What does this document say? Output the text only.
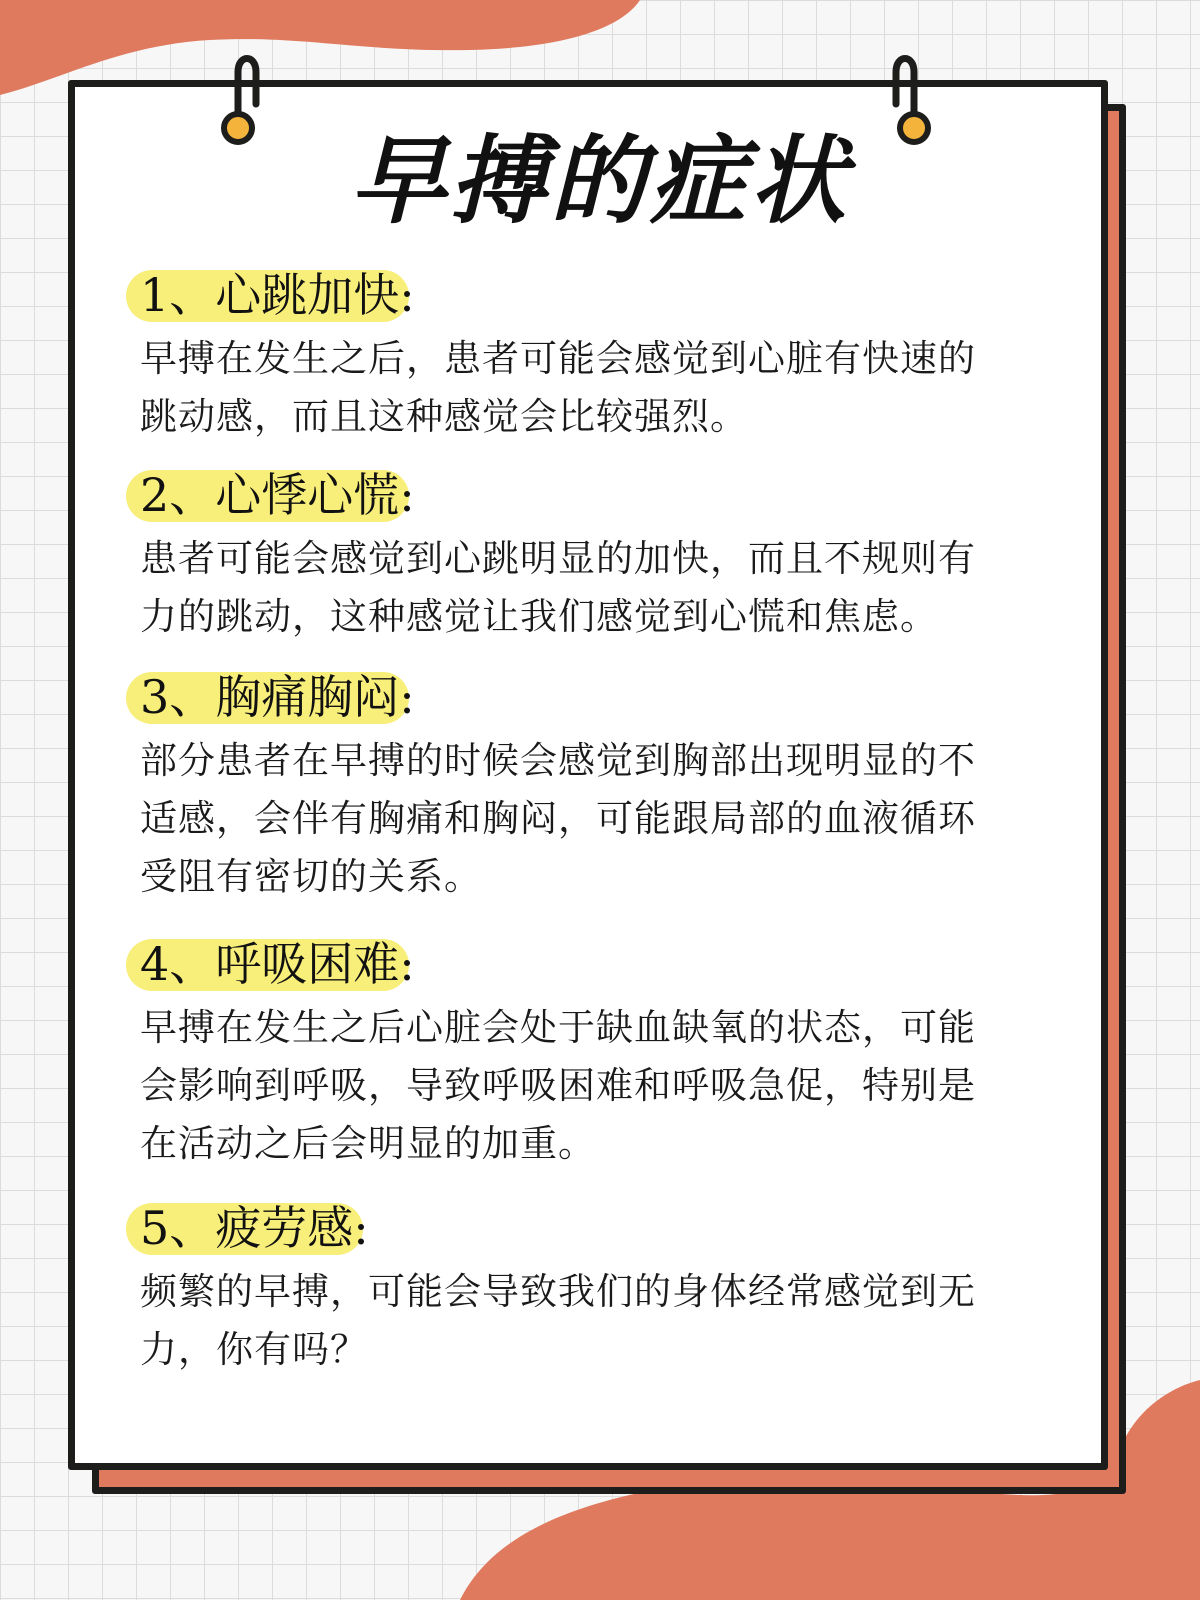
早搏的症状
1、心跳加快:
早搏在发生之后，患者可能会感觉到心脏有快速的
跳动感，而且这种感觉会比较强烈。
2、心悸心慌:
患者可能会感觉到心跳明显的加快，而且不规则有
力的跳动，这种感觉让我们感觉到心慌和焦虑。
3、胸痛胸闷:
部分患者在早搏的时候会感觉到胸部出现明显的不
适感，会伴有胸痛和胸闷，可能跟局部的血液循环
受阻有密切的关系。
4、呼吸困难:
早搏在发生之后心脏会处于缺血缺氧的状态，可能
会影响到呼吸，导致呼吸困难和呼吸急促，特别是
在活动之后会明显的加重。
5、疲劳感:
频繁的早搏，可能会导致我们的身体经常感觉到无
力，你有吗？
